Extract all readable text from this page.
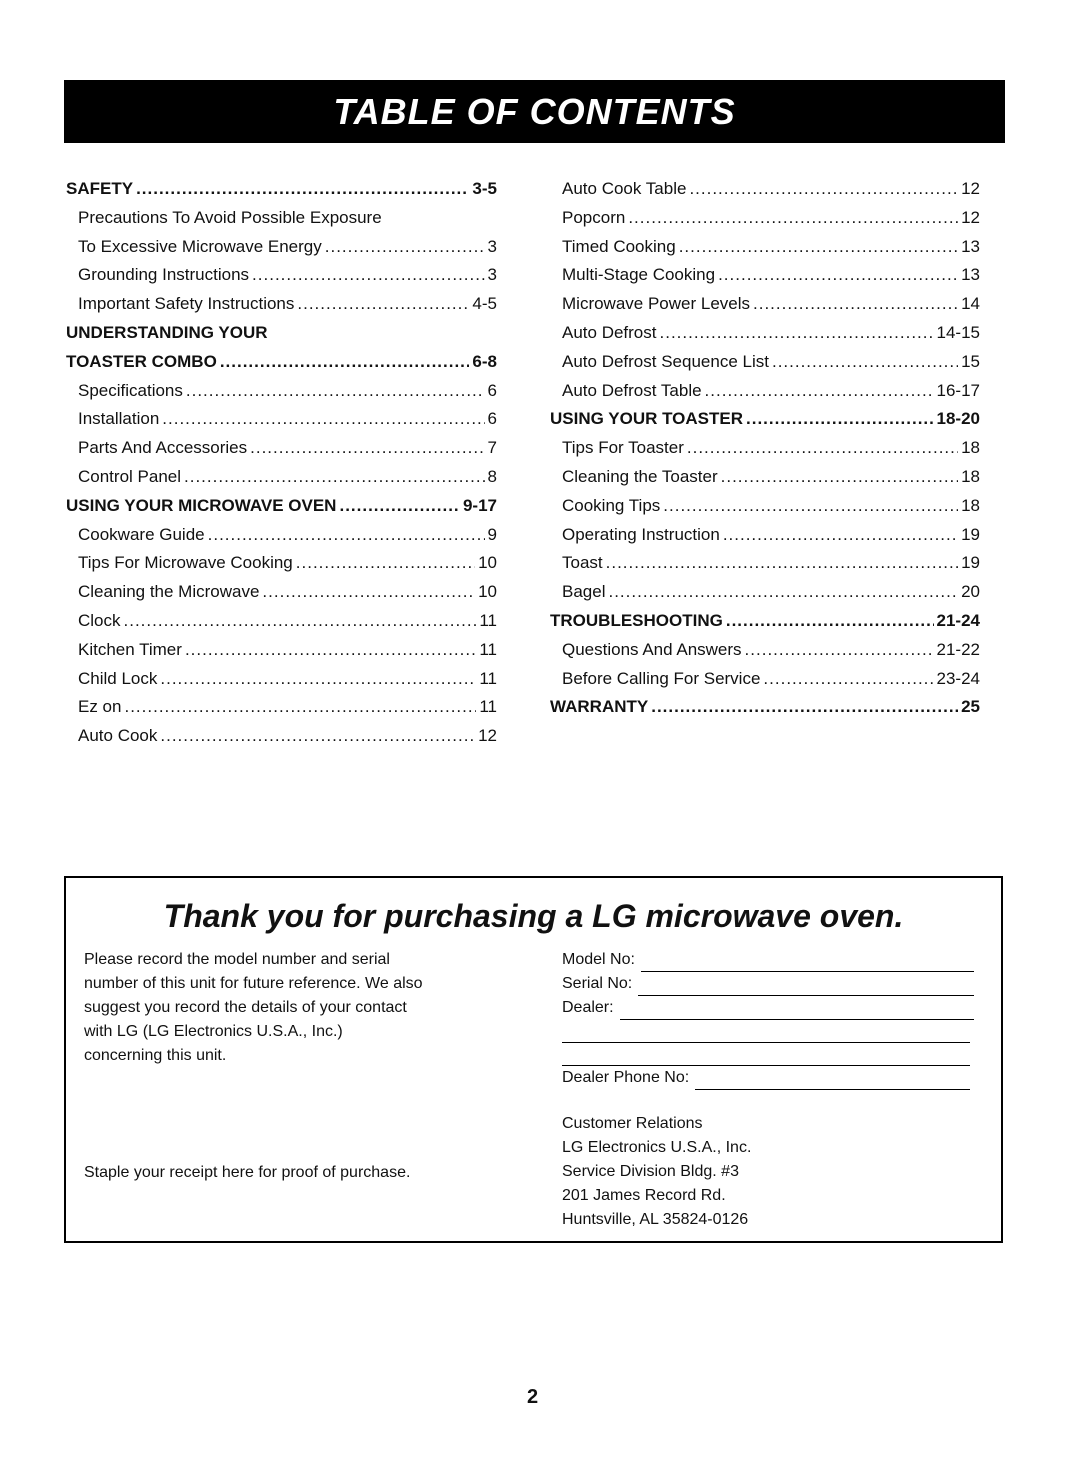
TABLE OF CONTENTS
SAFETY .....	3-5
Precautions To Avoid Possible Exposure
To Excessive Microwave Energy .....	3
Grounding Instructions .....	3
Important Safety Instructions .....	4-5
UNDERSTANDING YOUR
TOASTER COMBO .....	6-8
Specifications .....	6
Installation .....	6
Parts And Accessories .....	7
Control Panel .....	8
USING YOUR MICROWAVE OVEN .....	9-17
Cookware Guide .....	9
Tips For Microwave Cooking .....	10
Cleaning the Microwave .....	10
Clock .....	11
Kitchen Timer .....	11
Child Lock .....	11
Ez on .....	11
Auto Cook .....	12
Auto Cook Table .....	12
Popcorn .....	12
Timed Cooking .....	13
Multi-Stage Cooking .....	13
Microwave Power Levels .....	14
Auto Defrost .....	14-15
Auto Defrost Sequence List .....	15
Auto Defrost Table .....	16-17
USING YOUR TOASTER .....	18-20
Tips For Toaster .....	18
Cleaning the Toaster .....	18
Cooking Tips .....	18
Operating Instruction .....	19
Toast .....	19
Bagel .....	20
TROUBLESHOOTING .....	21-24
Questions And Answers .....	21-22
Before Calling For Service .....	23-24
WARRANTY .....	25
Thank you for purchasing a LG microwave oven.

Please record the model number and serial

number of this unit for future reference. We also

suggest you record the details of your contact

with LG (LG Electronics U.S.A., Inc.)

concerning this unit.

Staple your receipt here for proof of purchase.
Model No:
Serial No:
Dealer:
Dealer Phone No:
Customer Relations
LG Electronics U.S.A., Inc.
Service Division Bldg. #3
201 James Record Rd.
Huntsville, AL 35824-0126
2
